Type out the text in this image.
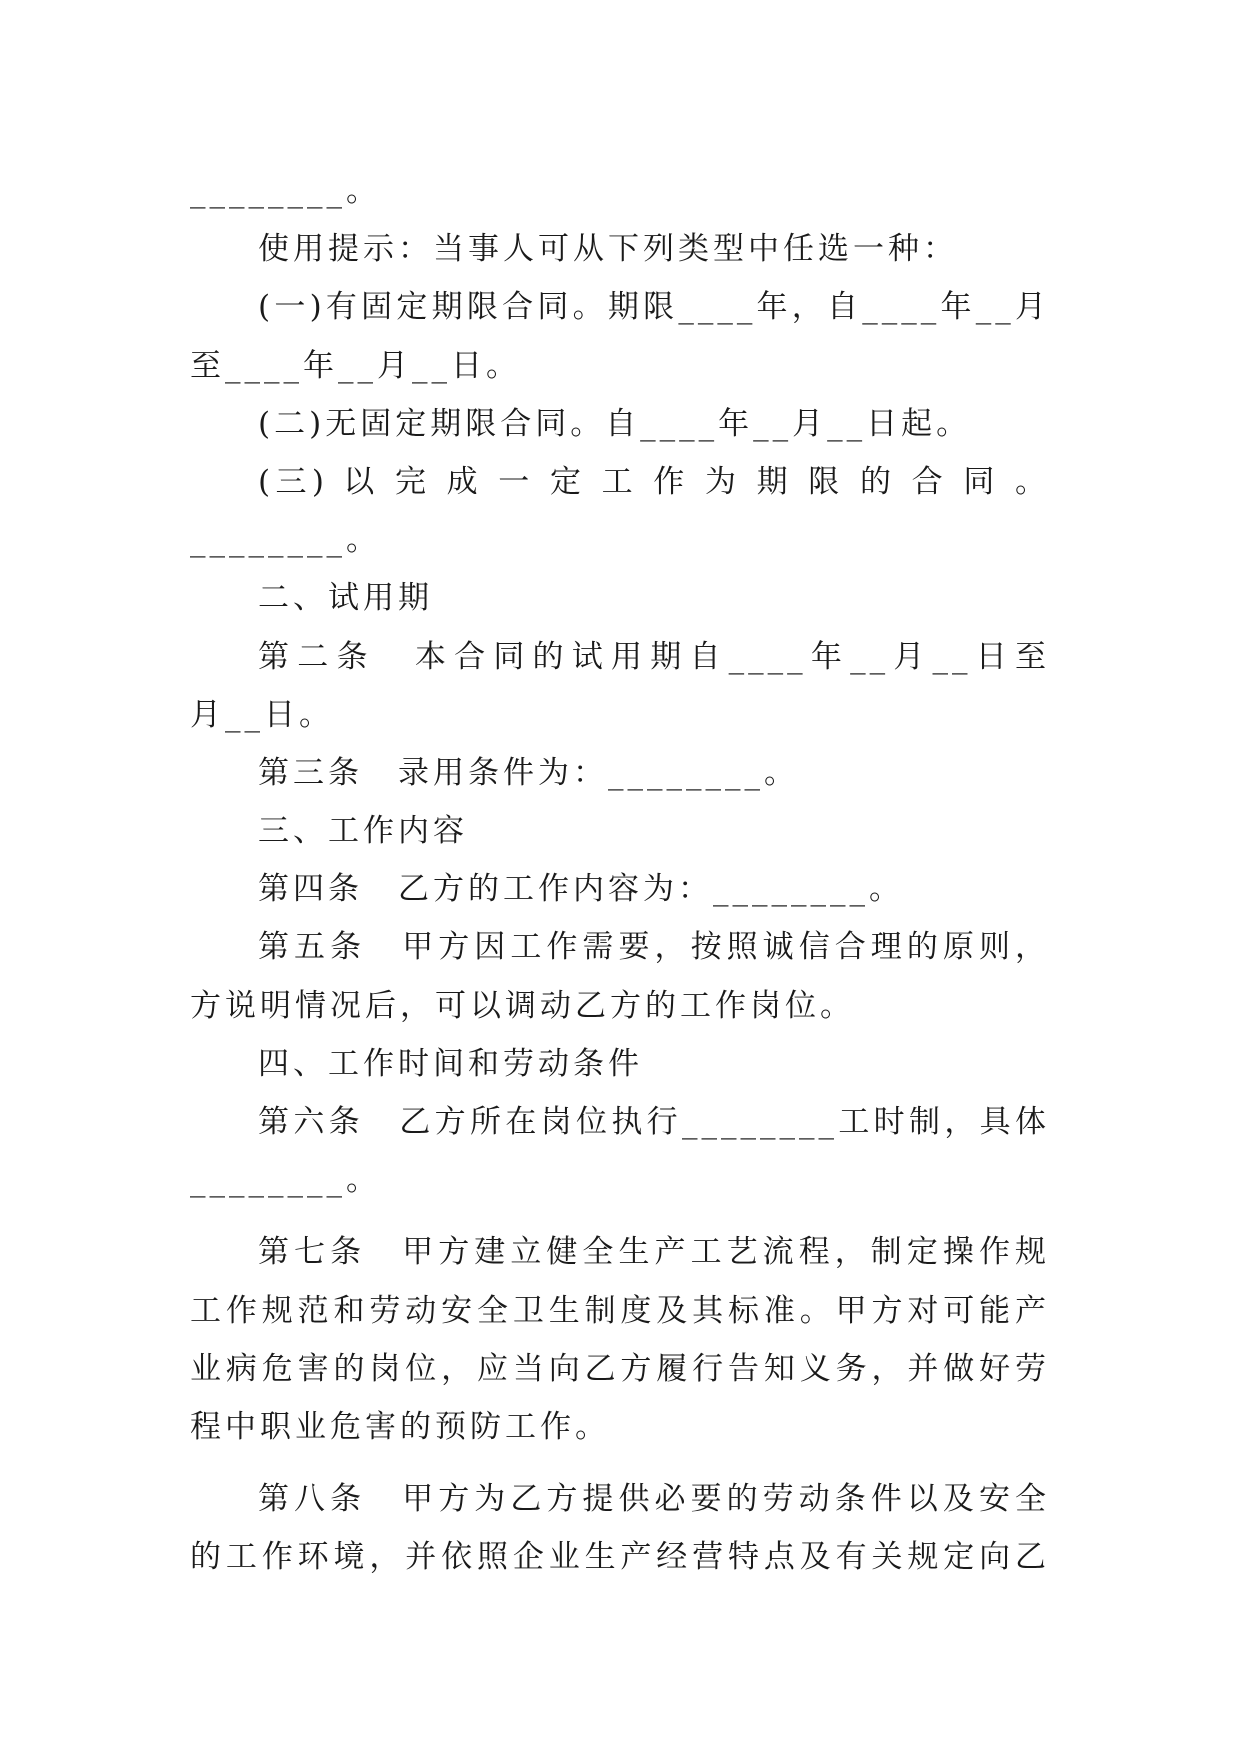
________。
使用提示：当事人可从下列类型中任选一种：
(一)有固定期限合同。期限____年，自____年__月
至____年__月__日。
(二)无固定期限合同。自____年__月__日起。
(三) 以 完 成 一 定 工 作 为 期 限 的 合 同 。
________。
二、试用期
第二条　本合同的试用期自____年__月__日至
月__日。
第三条　录用条件为：________。
三、工作内容
第四条　乙方的工作内容为：________。
第五条　甲方因工作需要，按照诚信合理的原则，
方说明情况后，可以调动乙方的工作岗位。
四、工作时间和劳动条件
第六条　乙方所在岗位执行________工时制，具体
________。
第七条　甲方建立健全生产工艺流程，制定操作规
工作规范和劳动安全卫生制度及其标准。甲方对可能产
业病危害的岗位，应当向乙方履行告知义务，并做好劳
程中职业危害的预防工作。
第八条　甲方为乙方提供必要的劳动条件以及安全
的工作环境，并依照企业生产经营特点及有关规定向乙
